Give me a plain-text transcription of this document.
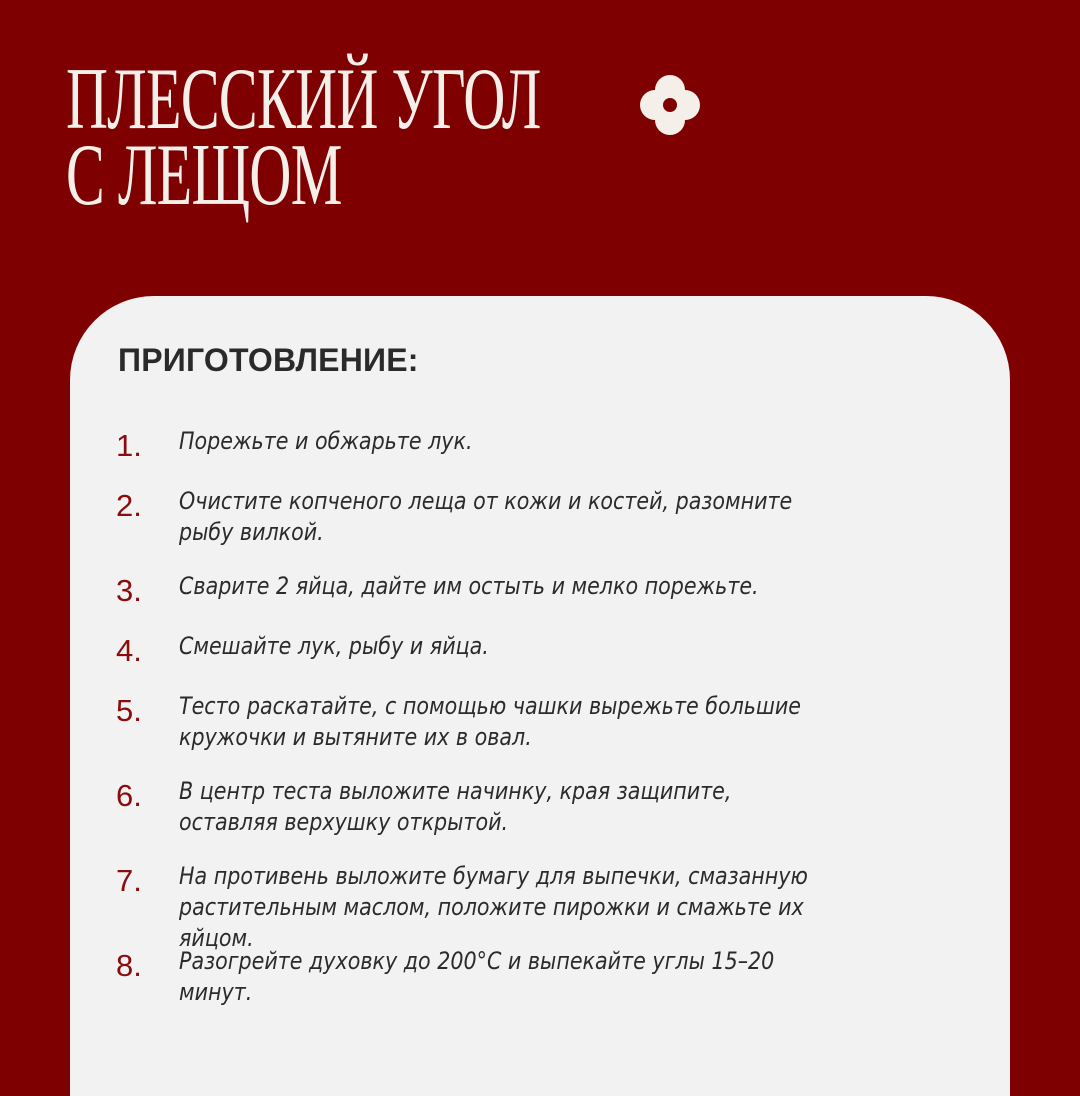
ПЛЕССКИЙ УГОЛ
С ЛЕЩОМ
ПРИГОТОВЛЕНИЕ:
1. Порежьте и обжарьте лук.
2. Очистите копченого леща от кожи и костей, разомните рыбу вилкой.
3. Сварите 2 яйца, дайте им остыть и мелко порежьте.
4. Смешайте лук, рыбу и яйца.
5. Тесто раскатайте, с помощью чашки вырежьте большие кружочки и вытяните их в овал.
6. В центр теста выложите начинку, края защипите, оставляя верхушку открытой.
7. На противень выложите бумагу для выпечки, смазанную растительным маслом, положите пирожки и смажьте их яйцом.
8. Разогрейте духовку до 200°C и выпекайте углы 15–20 минут.
